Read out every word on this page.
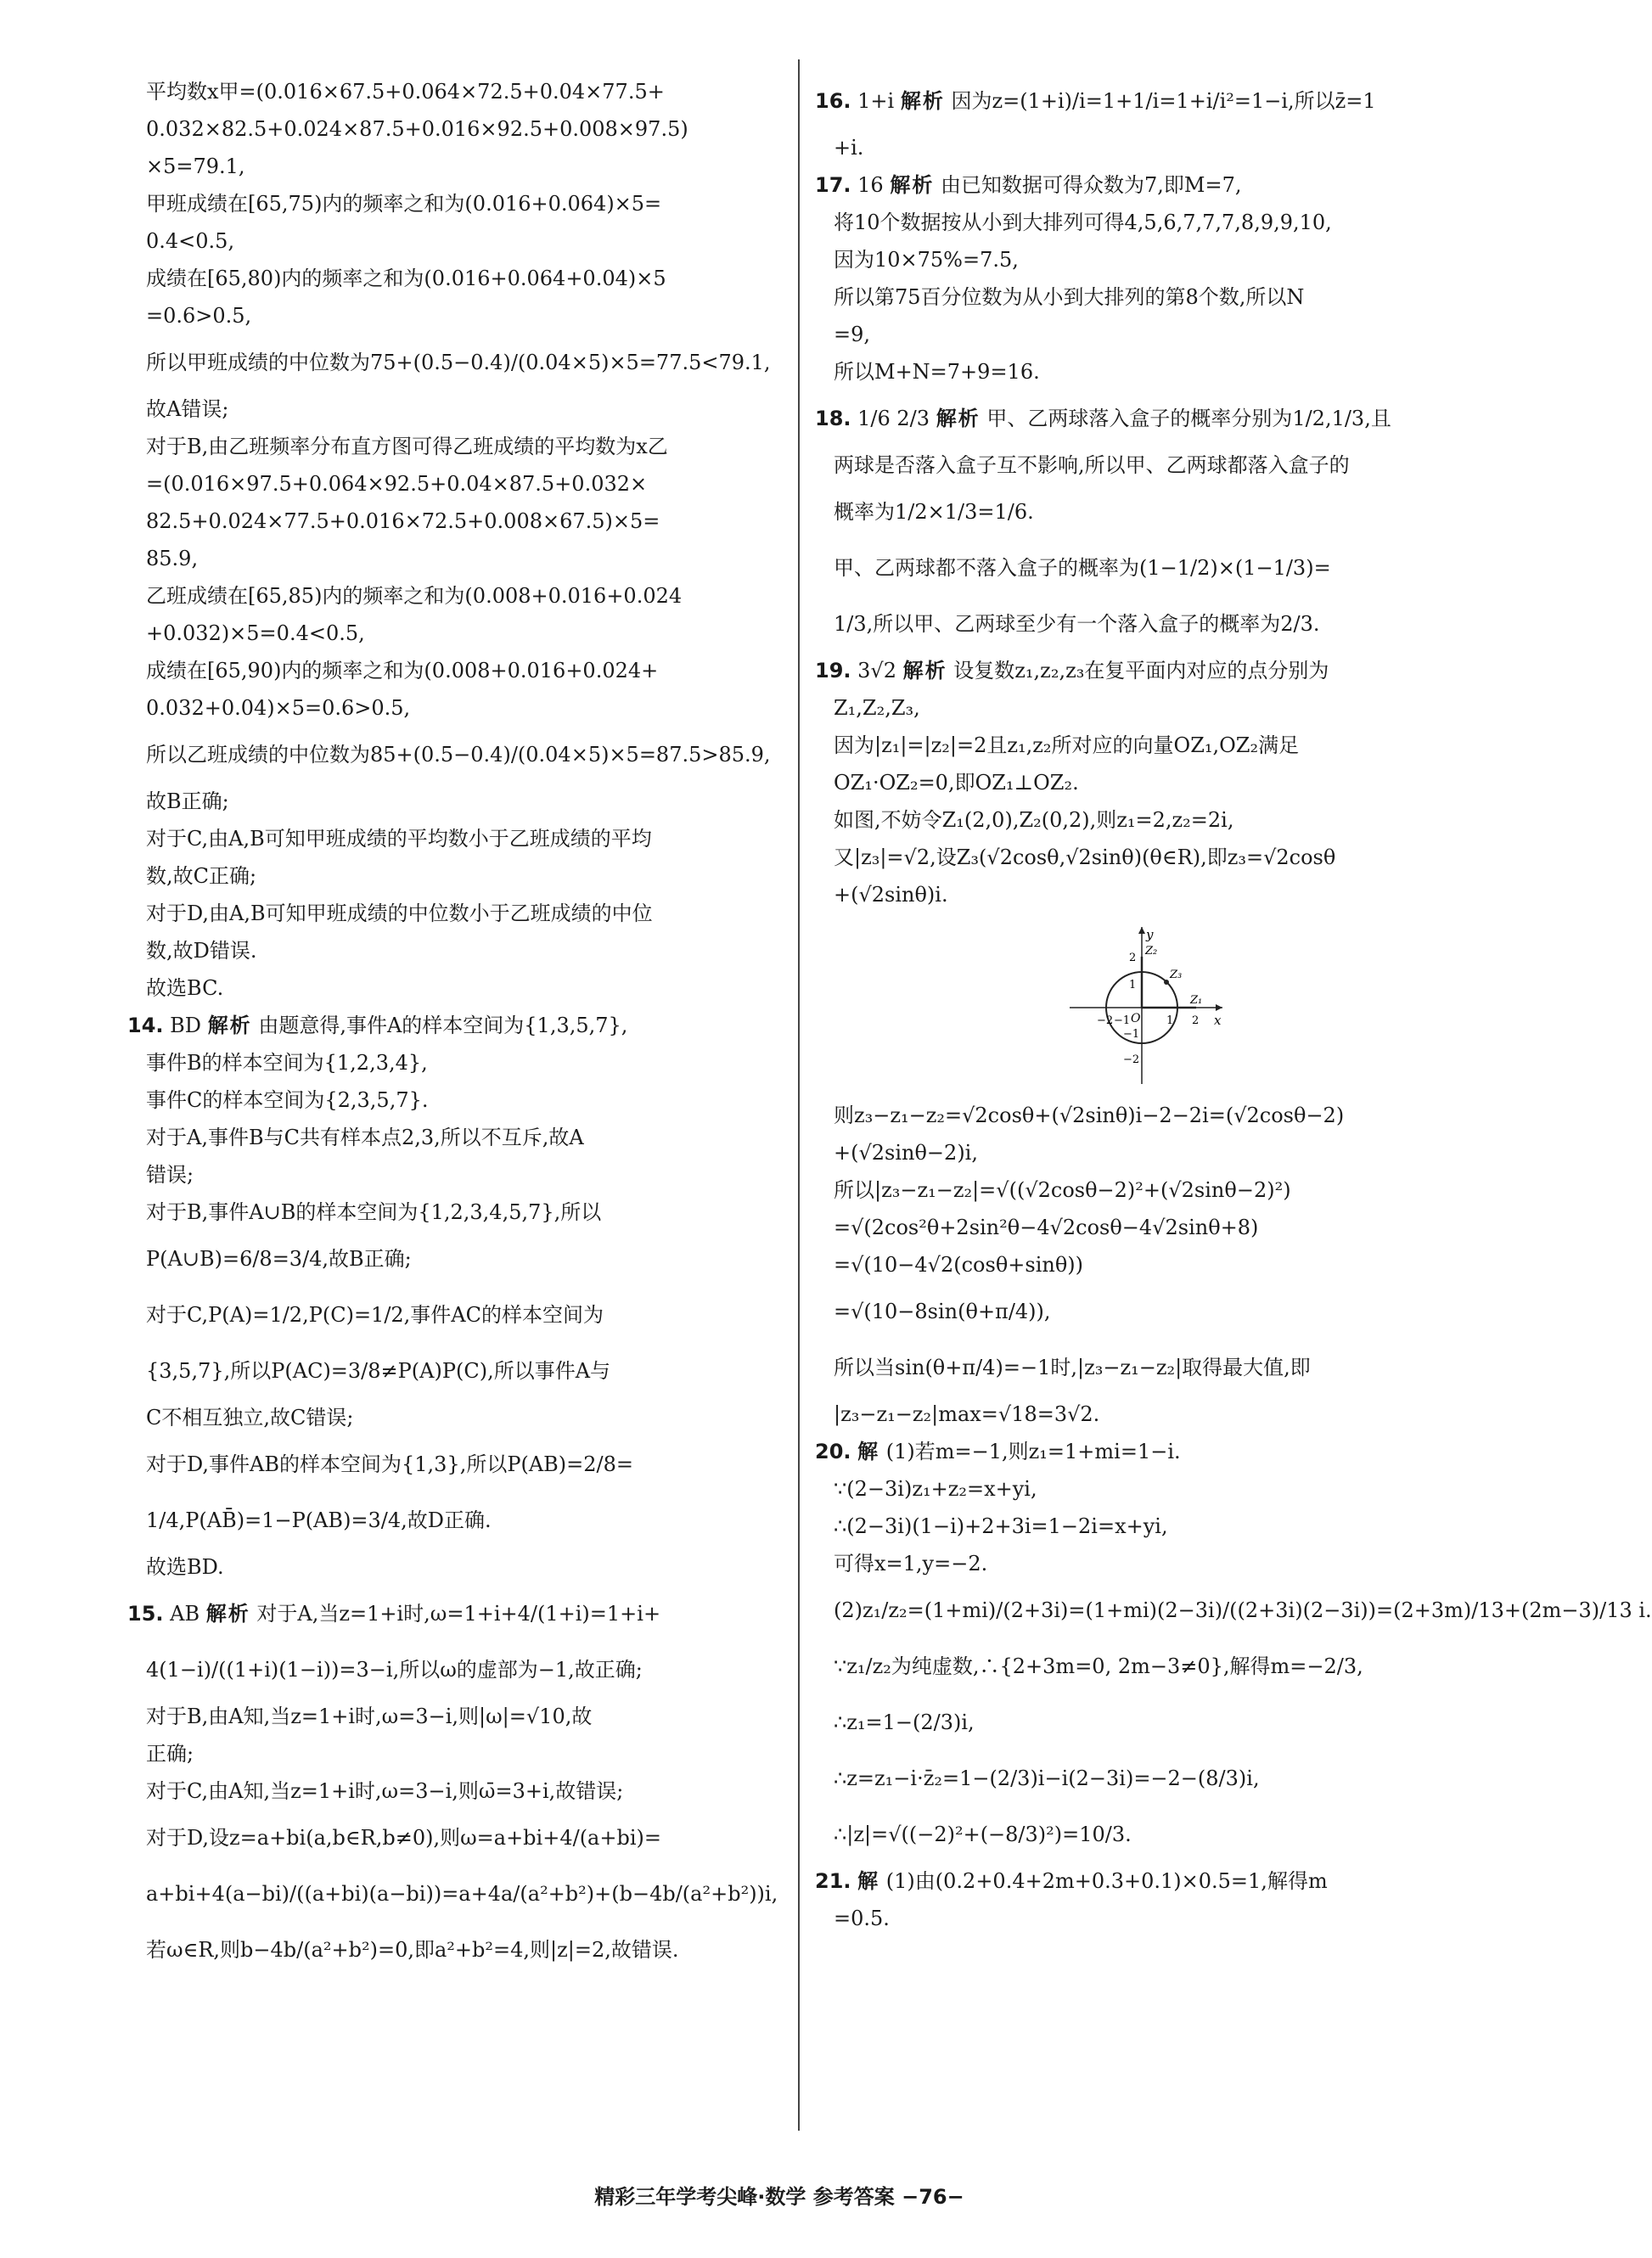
平均数x甲=(0.016×67.5+0.064×72.5+0.04×77.5+
0.032×82.5+0.024×87.5+0.016×92.5+0.008×97.5)
×5=79.1,
甲班成绩在[65,75)内的频率之和为(0.016+0.064)×5=
0.4<0.5,
成绩在[65,80)内的频率之和为(0.016+0.064+0.04)×5
=0.6>0.5,
所以甲班成绩的中位数为75+(0.5−0.4)/(0.04×5)×5=77.5<79.1,
故A错误;
对于B,由乙班频率分布直方图可得乙班成绩的平均数为x乙
=(0.016×97.5+0.064×92.5+0.04×87.5+0.032×
82.5+0.024×77.5+0.016×72.5+0.008×67.5)×5=
85.9,
乙班成绩在[65,85)内的频率之和为(0.008+0.016+0.024
+0.032)×5=0.4<0.5,
成绩在[65,90)内的频率之和为(0.008+0.016+0.024+
0.032+0.04)×5=0.6>0.5,
所以乙班成绩的中位数为85+(0.5−0.4)/(0.04×5)×5=87.5>85.9,
故B正确;
对于C,由A,B可知甲班成绩的平均数小于乙班成绩的平均
数,故C正确;
对于D,由A,B可知甲班成绩的中位数小于乙班成绩的中位
数,故D错误.
故选BC.
14. BD 解析 由题意得,事件A的样本空间为{1,3,5,7},
事件B的样本空间为{1,2,3,4},
事件C的样本空间为{2,3,5,7}.
对于A,事件B与C共有样本点2,3,所以不互斥,故A
错误;
对于B,事件A∪B的样本空间为{1,2,3,4,5,7},所以
P(A∪B)=6/8=3/4,故B正确;
对于C,P(A)=1/2,P(C)=1/2,事件AC的样本空间为
{3,5,7},所以P(AC)=3/8≠P(A)P(C),所以事件A与
C不相互独立,故C错误;
对于D,事件AB的样本空间为{1,3},所以P(AB)=2/8=
1/4,P(AB̄)=1−P(AB)=3/4,故D正确.
故选BD.
15. AB 解析 对于A,当z=1+i时,ω=1+i+4/(1+i)=1+i+
4(1−i)/((1+i)(1−i))=3−i,所以ω的虚部为−1,故正确;
对于B,由A知,当z=1+i时,ω=3−i,则|ω|=√10,故
正确;
对于C,由A知,当z=1+i时,ω=3−i,则ω̄=3+i,故错误;
对于D,设z=a+bi(a,b∈R,b≠0),则ω=a+bi+4/(a+bi)=
a+bi+4(a−bi)/((a+bi)(a−bi))=a+4a/(a²+b²)+(b−4b/(a²+b²))i,
若ω∈R,则b−4b/(a²+b²)=0,即a²+b²=4,则|z|=2,故错误.
16. 1+i 解析 因为z=(1+i)/i=1+1/i=1+i/i²=1−i,所以z̄=1
+i.
17. 16 解析 由已知数据可得众数为7,即M=7,
将10个数据按从小到大排列可得4,5,6,7,7,7,8,9,9,10,
因为10×75%=7.5,
所以第75百分位数为从小到大排列的第8个数,所以N
=9,
所以M+N=7+9=16.
18. 1/6 2/3 解析 甲、乙两球落入盒子的概率分别为1/2,1/3,且
两球是否落入盒子互不影响,所以甲、乙两球都落入盒子的
概率为1/2×1/3=1/6.
甲、乙两球都不落入盒子的概率为(1−1/2)×(1−1/3)=
1/3,所以甲、乙两球至少有一个落入盒子的概率为2/3.
19. 3√2 解析 设复数z₁,z₂,z₃在复平面内对应的点分别为
Z₁,Z₂,Z₃,
因为|z₁|=|z₂|=2且z₁,z₂所对应的向量OZ₁,OZ₂满足
OZ₁·OZ₂=0,即OZ₁⊥OZ₂.
如图,不妨令Z₁(2,0),Z₂(0,2),则z₁=2,z₂=2i,
又|z₃|=√2,设Z₃(√2cosθ,√2sinθ)(θ∈R),即z₃=√2cosθ
+(√2sinθ)i.
y
x
O
2
1
−1
−2
2
1
−2 −1
Z₁
Z₂
Z₃
则z₃−z₁−z₂=√2cosθ+(√2sinθ)i−2−2i=(√2cosθ−2)
+(√2sinθ−2)i,
所以|z₃−z₁−z₂|=√((√2cosθ−2)²+(√2sinθ−2)²)
=√(2cos²θ+2sin²θ−4√2cosθ−4√2sinθ+8)
=√(10−4√2(cosθ+sinθ))
=√(10−8sin(θ+π/4)),
所以当sin(θ+π/4)=−1时,|z₃−z₁−z₂|取得最大值,即
|z₃−z₁−z₂|max=√18=3√2.
20. 解 (1)若m=−1,则z₁=1+mi=1−i.
∵(2−3i)z₁+z₂=x+yi,
∴(2−3i)(1−i)+2+3i=1−2i=x+yi,
可得x=1,y=−2.
(2)z₁/z₂=(1+mi)/(2+3i)=(1+mi)(2−3i)/((2+3i)(2−3i))=(2+3m)/13+(2m−3)/13 i.
∵z₁/z₂为纯虚数,∴{2+3m=0, 2m−3≠0},解得m=−2/3,
∴z₁=1−(2/3)i,
∴z=z₁−i·z̄₂=1−(2/3)i−i(2−3i)=−2−(8/3)i,
∴|z|=√((−2)²+(−8/3)²)=10/3.
21. 解 (1)由(0.2+0.4+2m+0.3+0.1)×0.5=1,解得m
=0.5.
精彩三年学考尖峰·数学 参考答案 −76−
